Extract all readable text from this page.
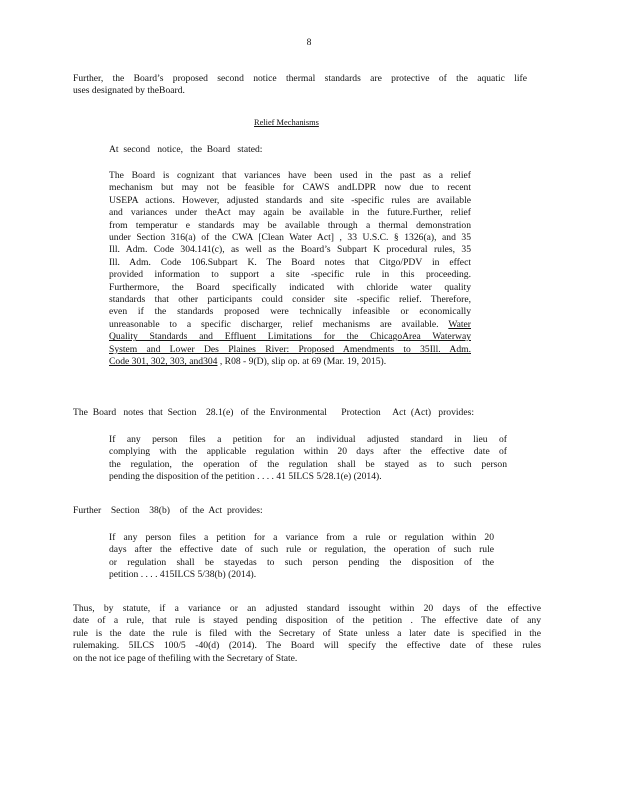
8
Further, the Board’s proposed second notice thermal standards are protective of the aquatic life
uses designated by theBoard.
Relief Mechanisms
At  second   notice,   the  Board   stated:
The Board is cognizant that variances have been used in the past as a relief
mechanism but may not be feasible for CAWS andLDPR now due to recent
USEPA actions. However, adjusted standards and site -specific rules are available
and variances under theAct may again be available in the future.Further, relief
from temperatur e standards may be available through a thermal demonstration
under Section 316(a) of the CWA [Clean Water Act] , 33 U.S.C. § 1326(a), and 35
Ill. Adm. Code 304.141(c), as well as the Board’s Subpart K procedural rules, 35
Ill. Adm. Code 106.Subpart K. The Board notes that Citgo/PDV in effect
provided information to support a site -specific rule in this proceeding.
Furthermore, the Board specifically indicated with chloride water quality
standards that other participants could consider site -specific relief. Therefore,
even if the standards proposed were technically infeasible or economically
unreasonable to a specific discharger, relief mechanisms are available. Water
Quality Standards and Effluent Limitations for the ChicagoArea Waterway
System and Lower Des Plaines River: Proposed Amendments to 35Ill. Adm.
Code 301, 302, 303, and304 , R08 - 9(D), slip op. at 69 (Mar. 19, 2015).
The  Board   notes  that  Section    28.1(e)   of  the  Environmental      Protection     Act  (Act)   provides:
If any person files a petition for an individual adjusted standard in lieu of
complying with the applicable regulation within 20 days after the effective date of
the regulation, the operation of the regulation shall be stayed as to such person
pending the disposition of the petition . . . . 41 5ILCS 5/28.1(e) (2014).
Further    Section    38(b)    of  the  Act  provides:
If any person files a petition for a variance from a rule or regulation within 20
days after the effective date of such rule or regulation, the operation of such rule
or regulation shall be stayedas to such person pending the disposition of the
petition . . . . 415ILCS 5/38(b) (2014).
Thus, by statute, if a variance or an adjusted standard issought within 20 days of the effective
date of a rule, that rule is stayed pending disposition of the petition . The effective date of any
rule is the date the rule is filed with the Secretary of State unless a later date is specified in the
rulemaking. 5ILCS 100/5 -40(d) (2014). The Board will specify the effective date of these rules
on the not ice page of thefiling with the Secretary of State.
